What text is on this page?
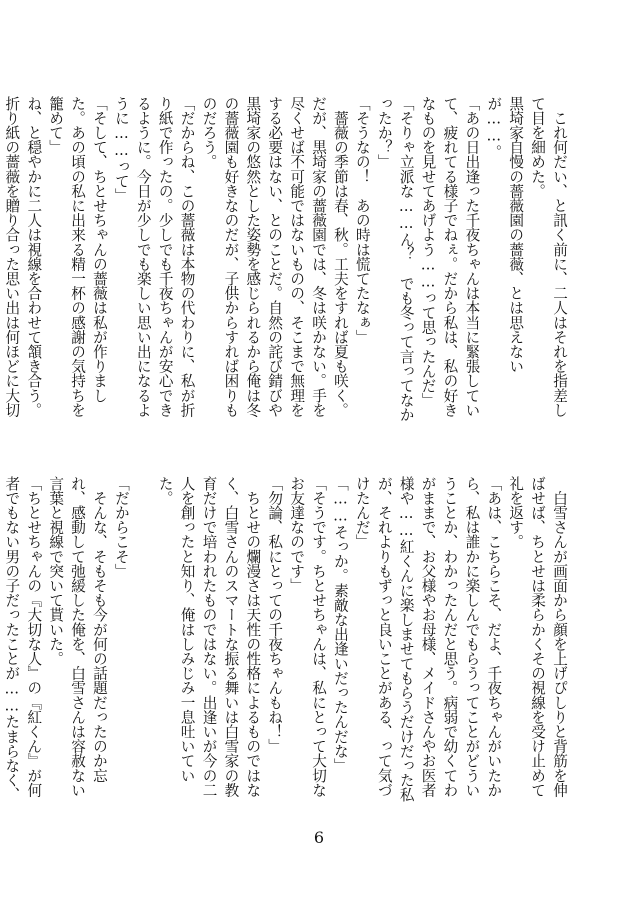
　これ何だい、と訊く前に、二人はそれを指差して目を細めた。

黒埼家自慢の薔薇園の薔薇、とは思えないが……。

「あの日出逢った千夜ちゃんは本当に緊張していて、疲れてる様子でねぇ。だから私は、私の好きなものを見せてあげよう……って思ったんだ」

「そりゃ立派な……ん？　でも冬って言ってなかったか？」

「そうなの！　あの時は慌てたなぁ」

　薔薇の季節は春、秋。工夫をすれば夏も咲く。だが、黒埼家の薔薇園では、冬は咲かない。手を尽くせば不可能ではないものの、そこまで無理をする必要はない、とのことだ。自然の詫び錆びや黒埼家の悠然とした姿勢を感じられるから俺は冬の薔薇園も好きなのだが、子供からすれば困りものだろう。

「だからね、この薔薇は本物の代わりに、私が折り紙で作ったの。少しでも千夜ちゃんが安心できるように。今日が少しでも楽しい思い出になるように……って」

「そして、ちとせちゃんの薔薇は私が作りました。あの頃の私に出来る精一杯の感謝の気持ちを籠めて」

ね、と穏やかに二人は視線を合わせて頷き合う。折り紙の薔薇を贈り合った思い出は何ほどに大切

　白雪さんが画面から顔を上げぴしりと背筋を伸ばせば、ちとせは柔らかくその視線を受け止めて礼を返す。

「あは、こちらこそ、だよ、千夜ちゃんがいたから、私は誰かに楽しんでもらうってことがどういうことか、わかったんだと思う。病弱で幼くてわがままで、お父様やお母様、メイドさんやお医者様や……紅くんに楽しませてもらうだけだった私が、それよりもずっと良いことがある、って気づけたんだ」

「……そっか。素敵な出逢いだったんだな」

「そうです。ちとせちゃんは、私にとって大切なお友達なのです」

「勿論、私にとっての千夜ちゃんもね！」

　ちとせの爛漫さは天性の性格によるものではなく、白雪さんのスマートな振る舞いは白雪家の教育だけで培われたものではない。出逢いが今の二人を創ったと知り、俺はしみじみ一息吐いていた。

「だからこそ」

　そんな、そもそも今が何の話題だったのか忘れ、感動して弛緩した俺を、白雪さんは容赦ない言葉と視線で突いて貰いた。

「ちとせちゃんの『大切な人』の『紅くん』が何者でもない男の子だったことが……たまらなく、

6
